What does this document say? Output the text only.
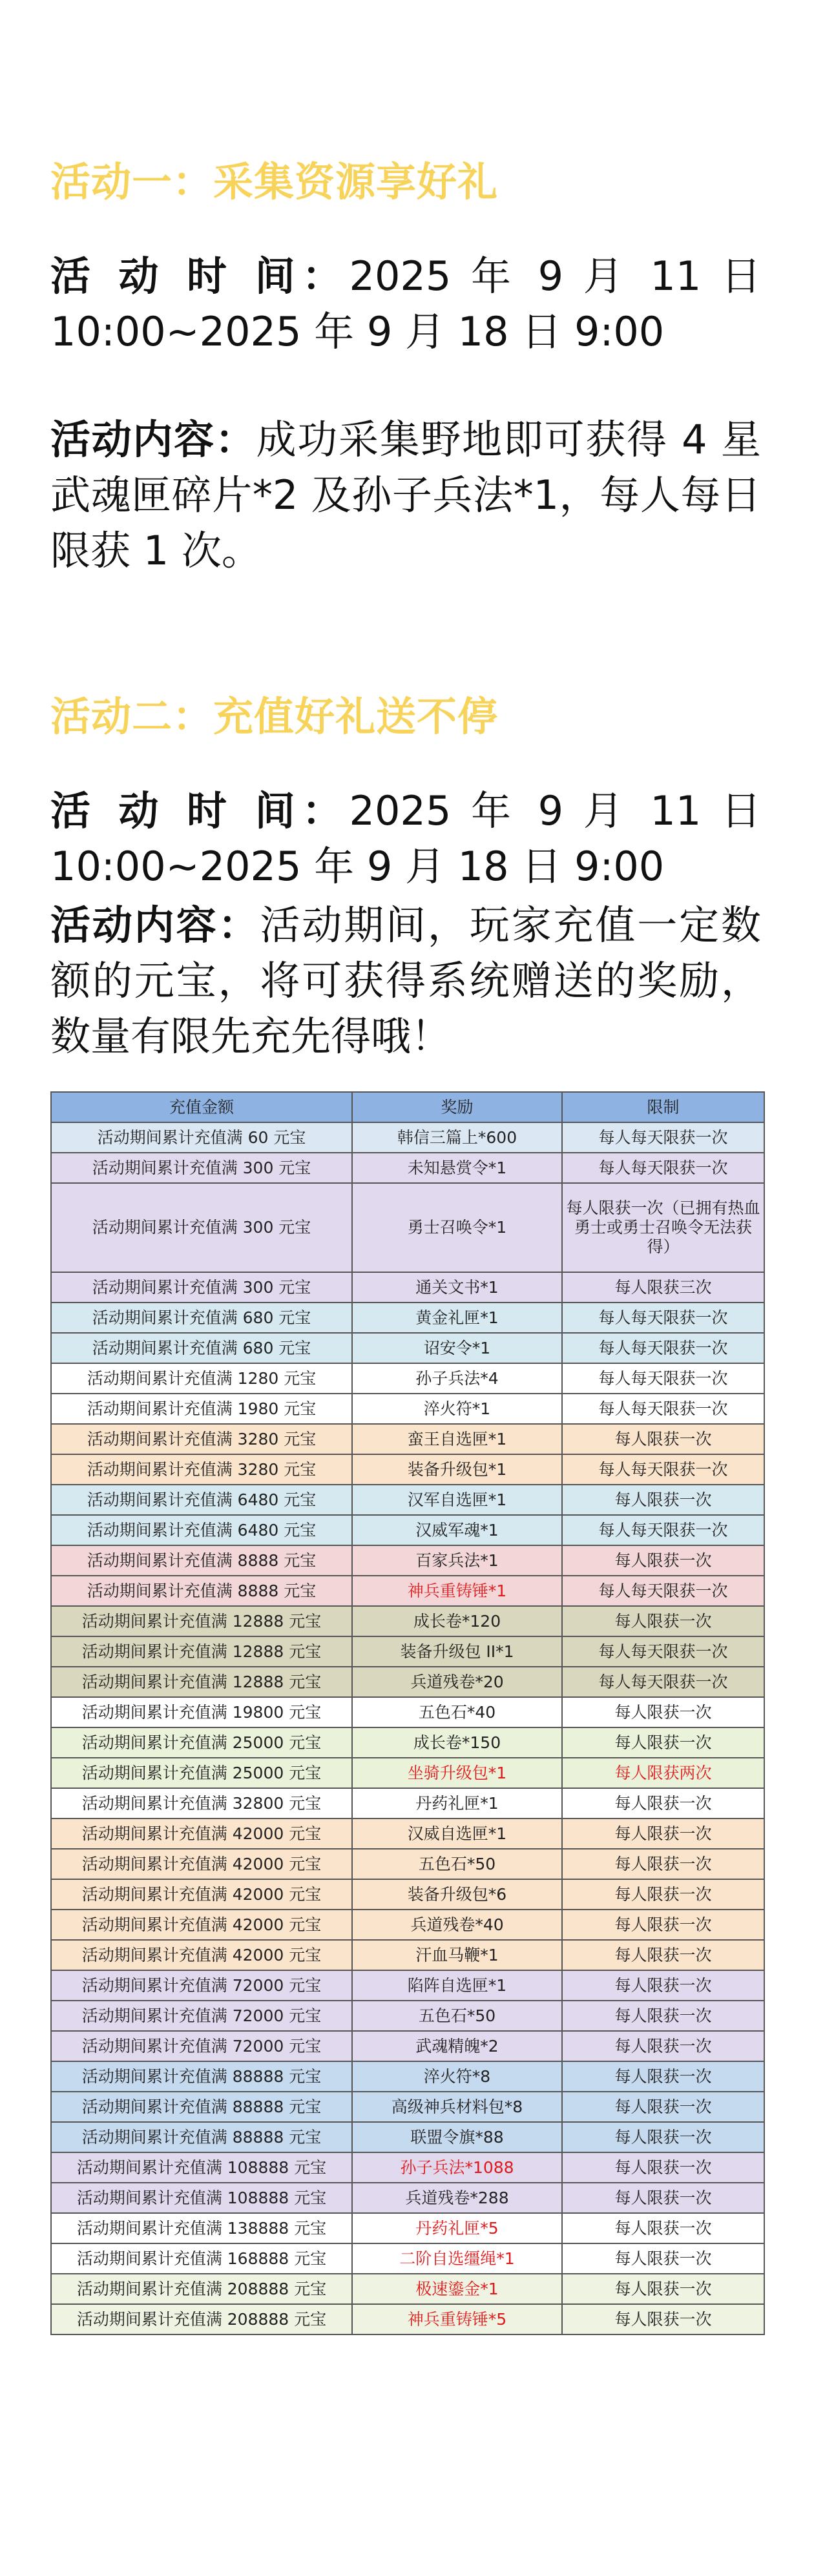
活动一：采集资源享好礼

活 动 时 间：2025 年 9 月 11 日 10:00~2025 年 9 月 18 日 9:00

活动内容：成功采集野地即可获得 4 星武魂匣碎片*2 及孙子兵法*1，每人每日限获 1 次。

活动二：充值好礼送不停

活 动 时 间：2025 年 9 月 11 日 10:00~2025 年 9 月 18 日 9:00

活动内容：活动期间，玩家充值一定数额的元宝，将可获得系统赠送的奖励，数量有限先充先得哦！

充值金额	奖励	限制
活动期间累计充值满 60 元宝	韩信三篇上*600	每人每天限获一次
活动期间累计充值满 300 元宝	未知悬赏令*1	每人每天限获一次
活动期间累计充值满 300 元宝	勇士召唤令*1	每人限获一次（已拥有热血勇士或勇士召唤令无法获得）
活动期间累计充值满 300 元宝	通关文书*1	每人限获三次
活动期间累计充值满 680 元宝	黄金礼匣*1	每人每天限获一次
活动期间累计充值满 680 元宝	诏安令*1	每人每天限获一次
活动期间累计充值满 1280 元宝	孙子兵法*4	每人每天限获一次
活动期间累计充值满 1980 元宝	淬火符*1	每人每天限获一次
活动期间累计充值满 3280 元宝	蛮王自选匣*1	每人限获一次
活动期间累计充值满 3280 元宝	装备升级包*1	每人每天限获一次
活动期间累计充值满 6480 元宝	汉军自选匣*1	每人限获一次
活动期间累计充值满 6480 元宝	汉威军魂*1	每人每天限获一次
活动期间累计充值满 8888 元宝	百家兵法*1	每人限获一次
活动期间累计充值满 8888 元宝	神兵重铸锤*1	每人每天限获一次
活动期间累计充值满 12888 元宝	成长卷*120	每人限获一次
活动期间累计充值满 12888 元宝	装备升级包 II*1	每人每天限获一次
活动期间累计充值满 12888 元宝	兵道残卷*20	每人每天限获一次
活动期间累计充值满 19800 元宝	五色石*40	每人限获一次
活动期间累计充值满 25000 元宝	成长卷*150	每人限获一次
活动期间累计充值满 25000 元宝	坐骑升级包*1	每人限获两次
活动期间累计充值满 32800 元宝	丹药礼匣*1	每人限获一次
活动期间累计充值满 42000 元宝	汉威自选匣*1	每人限获一次
活动期间累计充值满 42000 元宝	五色石*50	每人限获一次
活动期间累计充值满 42000 元宝	装备升级包*6	每人限获一次
活动期间累计充值满 42000 元宝	兵道残卷*40	每人限获一次
活动期间累计充值满 42000 元宝	汗血马鞭*1	每人限获一次
活动期间累计充值满 72000 元宝	陷阵自选匣*1	每人限获一次
活动期间累计充值满 72000 元宝	五色石*50	每人限获一次
活动期间累计充值满 72000 元宝	武魂精魄*2	每人限获一次
活动期间累计充值满 88888 元宝	淬火符*8	每人限获一次
活动期间累计充值满 88888 元宝	高级神兵材料包*8	每人限获一次
活动期间累计充值满 88888 元宝	联盟令旗*88	每人限获一次
活动期间累计充值满 108888 元宝	孙子兵法*1088	每人限获一次
活动期间累计充值满 108888 元宝	兵道残卷*288	每人限获一次
活动期间累计充值满 138888 元宝	丹药礼匣*5	每人限获一次
活动期间累计充值满 168888 元宝	二阶自选缰绳*1	每人限获一次
活动期间累计充值满 208888 元宝	极速鎏金*1	每人限获一次
活动期间累计充值满 208888 元宝	神兵重铸锤*5	每人限获一次
